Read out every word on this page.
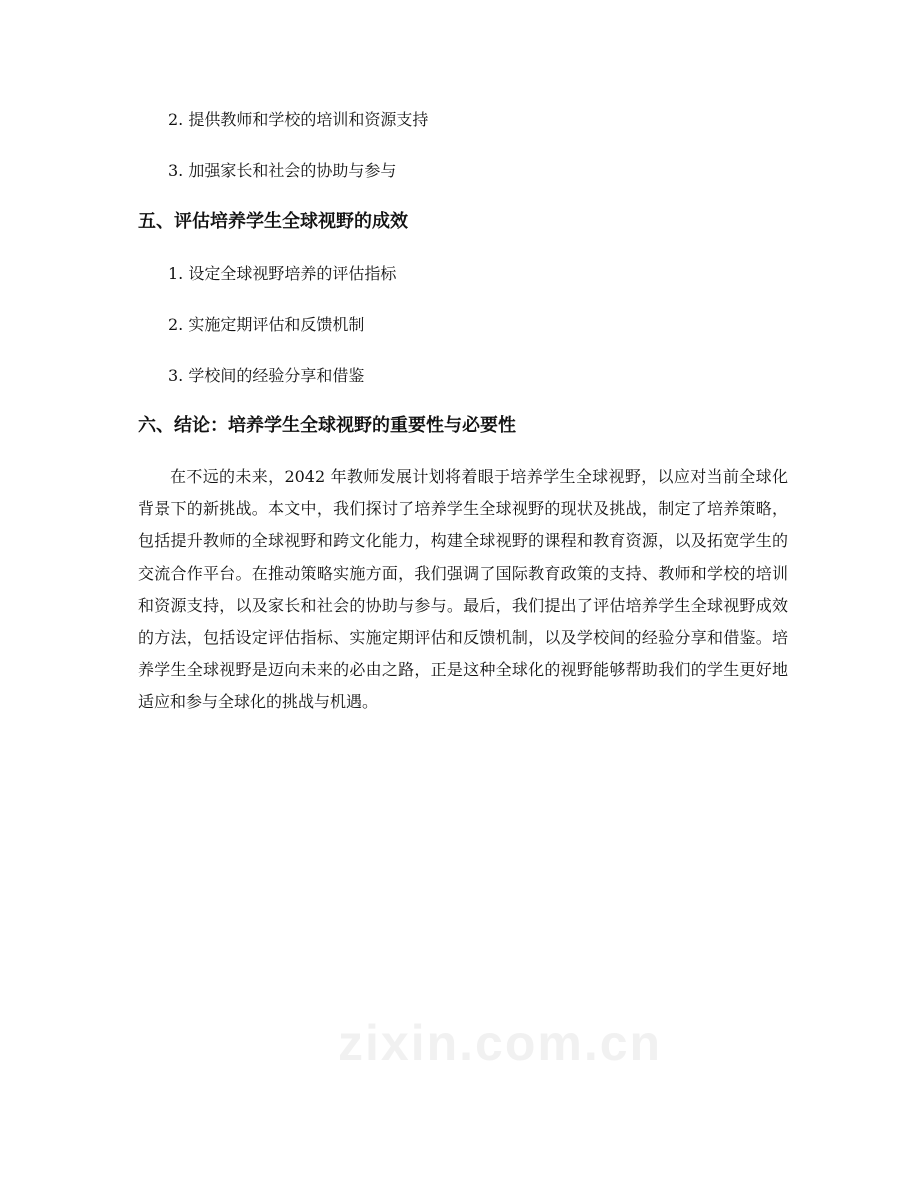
2. 提供教师和学校的培训和资源支持
3. 加强家长和社会的协助与参与
五、评估培养学生全球视野的成效
1. 设定全球视野培养的评估指标
2. 实施定期评估和反馈机制
3. 学校间的经验分享和借鉴
六、结论：培养学生全球视野的重要性与必要性
在不远的未来，2042 年教师发展计划将着眼于培养学生全球视野，以应对当前全球化背景下的新挑战。本文中，我们探讨了培养学生全球视野的现状及挑战，制定了培养策略，包括提升教师的全球视野和跨文化能力，构建全球视野的课程和教育资源，以及拓宽学生的交流合作平台。在推动策略实施方面，我们强调了国际教育政策的支持、教师和学校的培训和资源支持，以及家长和社会的协助与参与。最后，我们提出了评估培养学生全球视野成效的方法，包括设定评估指标、实施定期评估和反馈机制，以及学校间的经验分享和借鉴。培养学生全球视野是迈向未来的必由之路，正是这种全球化的视野能够帮助我们的学生更好地适应和参与全球化的挑战与机遇。
zixin.com.cn
